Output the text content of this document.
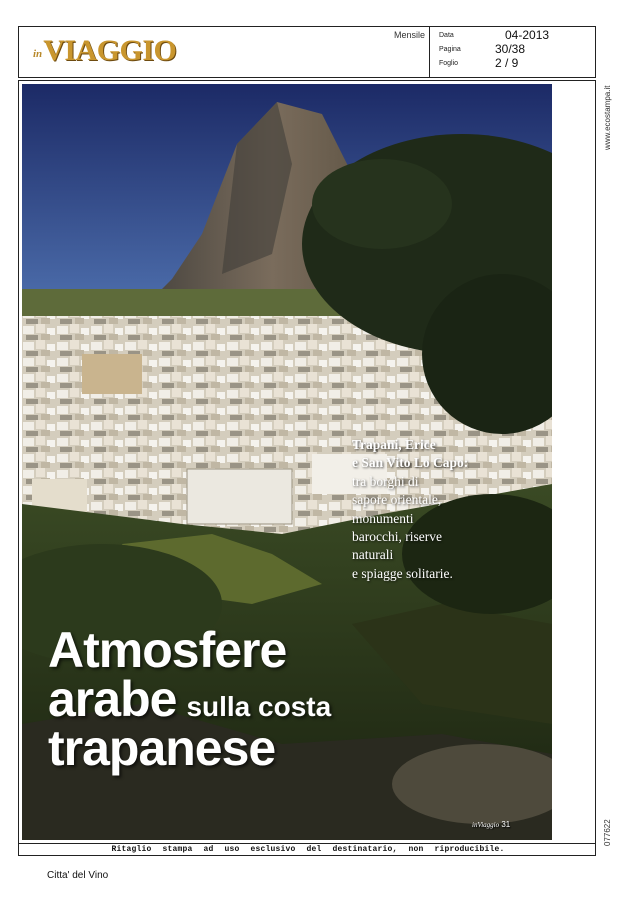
in VIAGGIO	Mensile Data	04-2013
Pagina	30/38
Foglio	2 / 9
www.ecostampa.it
077622
Trapani, Erice
e San Vito Lo Capo:
tra borghi di
sapore orientale,
monumenti
barocchi, riserve
naturali
e spiagge solitarie.
Atmosfere
arabe sulla costa
trapanese
inViaggio 31
Ritaglio stampa ad uso esclusivo del destinatario, non riproducibile.
Citta' del Vino
